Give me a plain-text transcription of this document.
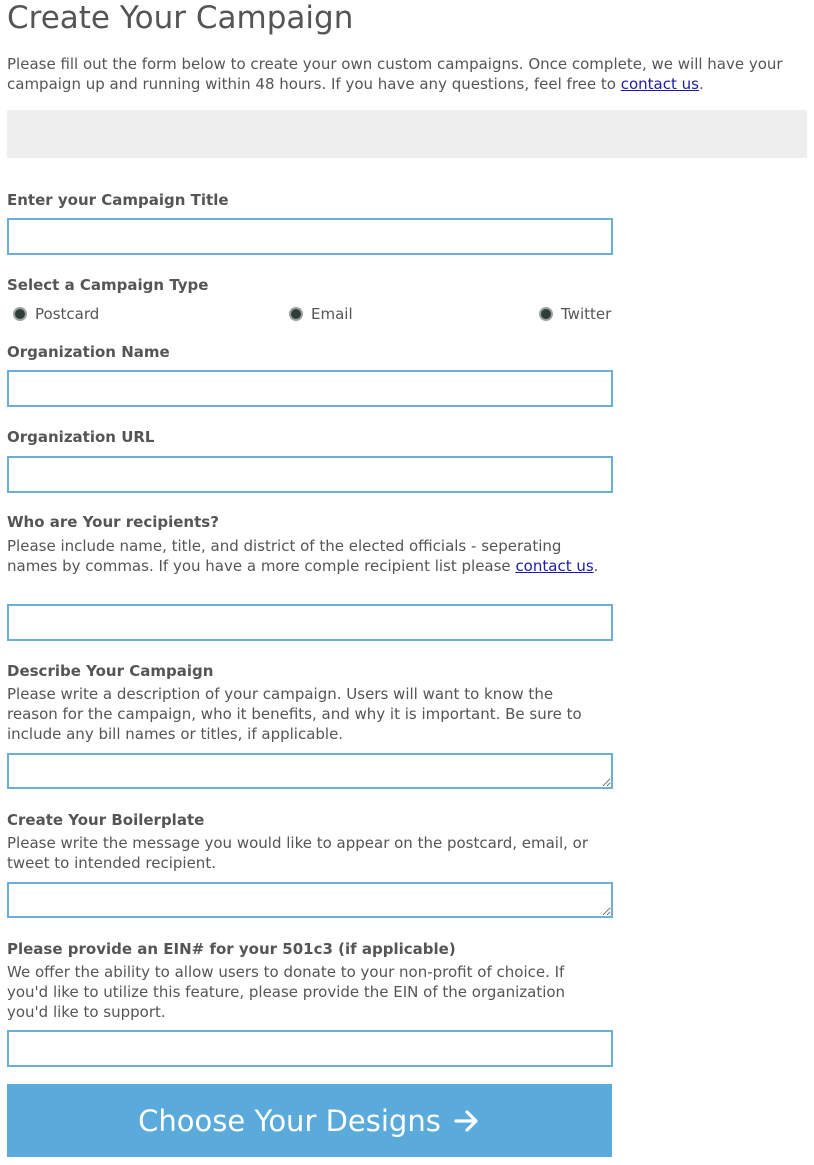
Create Your Campaign

Please fill out the form below to create your own custom campaigns. Once complete, we will have your campaign up and running within 48 hours. If you have any questions, feel free to contact us.

Enter your Campaign Title
Select a Campaign Type
Postcard	Email	Twitter
Organization Name
Organization URL
Who are Your recipients?

Please include name, title, and district of the elected officials - seperating names by commas. If you have a more comple recipient list please contact us.

Describe Your Campaign

Please write a description of your campaign. Users will want to know the reason for the campaign, who it benefits, and why it is important. Be sure to include any bill names or titles, if applicable.

Create Your Boilerplate

Please write the message you would like to appear on the postcard, email, or tweet to intended recipient.

Please provide an EIN# for your 501c3 (if applicable)

We offer the ability to allow users to donate to your non-profit of choice. If you'd like to utilize this feature, please provide the EIN of the organization you'd like to support.

Choose Your Designs
